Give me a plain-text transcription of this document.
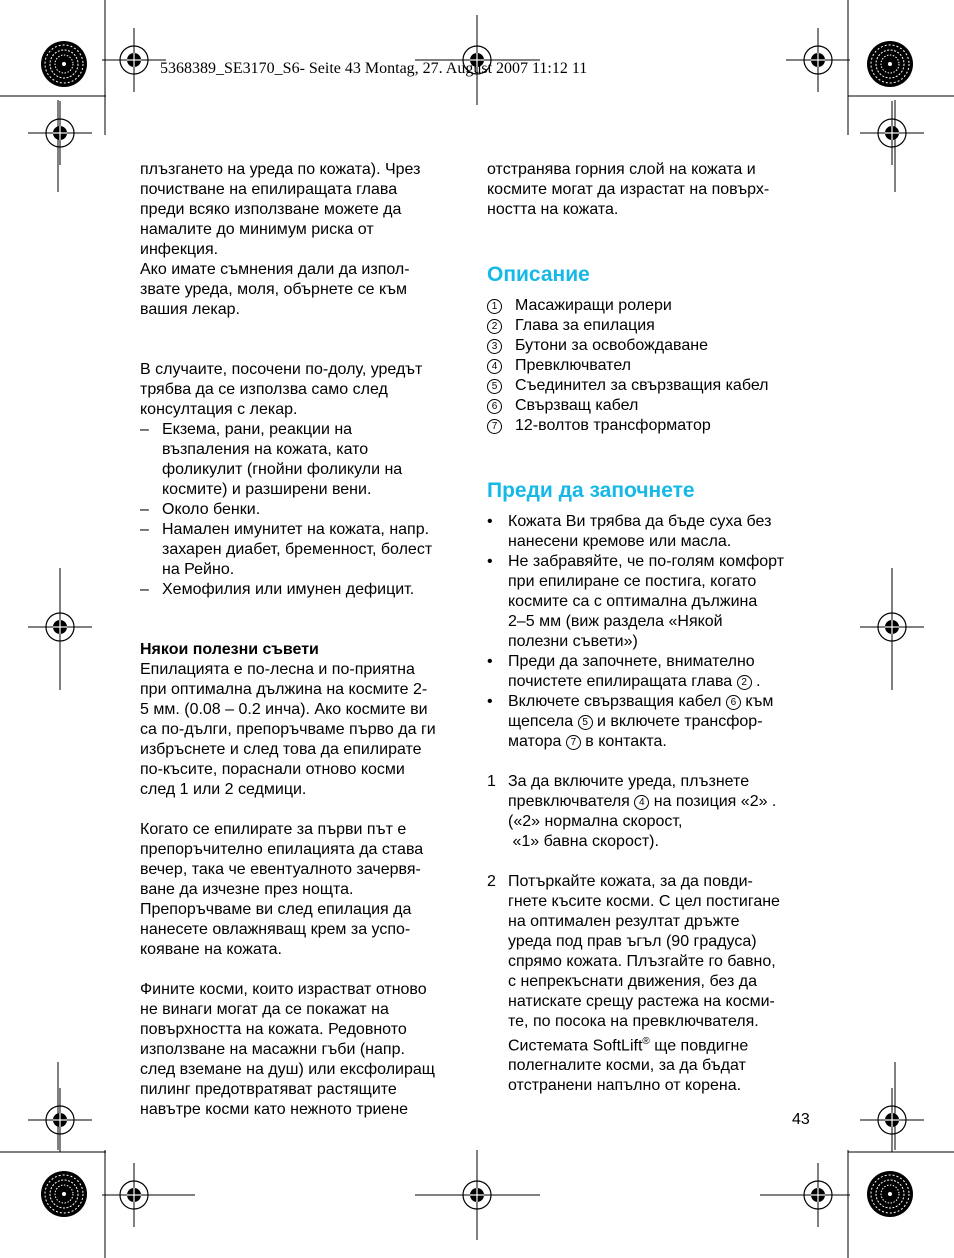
5368389_SE3170_S6- Seite 43 Montag, 27. August 2007 11:12 11

плъзгането на уреда по кожата). Чрез
почистване на епилиращата глава
преди всяко използване можете да
намалите до минимум риска от
инфекция.
Ако имате съмнения дали да изпол-
звате уреда, моля, обърнете се към
вашия лекар.

В случаите, посочени по-долу, уредът
трябва да се използва само след
консултация с лекар.

– Екзема, рани, реакции на
възпаления на кожата, като
фоликулит (гнойни фоликули на
космите) и разширени вени.
– Около бенки.
– Намален имунитет на кожата, напр.
захарен диабет, бременност, болест
на Рейно.
– Хемофилия или имунен дефицит.

Някои полезни съвети

Епилацията е по-лесна и по-приятна
при оптимална дължина на космите 2-
5 мм. (0.08 – 0.2 инча). Ако космите ви
са по-дълги, препоръчваме първо да ги
избръснете и след това да епилирате
по-късите, пораснали отново косми
след 1 или 2 седмици.

Когато се епилирате за първи път е
препоръчително епилацията да става
вечер, така че евентуалното зачервя-
ване да изчезне през нощта.
Препоръчваме ви след епилация да
нанесете овлажняващ крем за успо-
кояване на кожата.

Фините косми, които израстват отново
не винаги могат да се покажат на
повърхността на кожата. Редовното
използване на масажни гъби (напр.
след вземане на душ) или ексфолиращ
пилинг предотвратяват растящите
навътре косми като нежното триене

отстранява горния слой на кожата и
космите могат да израстат на повърх-
ността на кожата.

Описание
1	Масажиращи ролери
2	Глава за епилация
3	Бутони за освобождаване
4	Превключвател
5	Съединител за свързващия кабел
6	Свързващ кабел
7	12-волтов трансформатор
Преди да започнете
• Кожата Ви трябва да бъде суха без
нанесени кремове или масла.
• Не забравяйте, че по-голям комфорт
при епилиране се постига, когато
космите са с оптимална дължина
2–5 мм (виж раздела «Някой
полезни съвети»)
• Преди да започнете, внимателно
почистете епилиращата глава 2 .
• Включете свързващия кабел 6 към
щепсела 5 и включете трансфор-
матора 7 в контакта.
1 За да включите уреда, плъзнете
превключвателя 4 на позиция «2» .
(«2» нормална скорост,
«1» бавна скорост).
2 Потъркайте кожата, за да повди-
гнете късите косми. С цел постигане
на оптимален резултат дръжте
уреда под прав ъгъл (90 градуса)
спрямо кожата. Плъзгайте го бавно,
с непрекъснати движения, без да
натискате срещу растежа на косми-
те, по посока на превключвателя.
Системата SoftLift® ще повдигне
полегналите косми, за да бъдат
отстранени напълно от корена.
43
